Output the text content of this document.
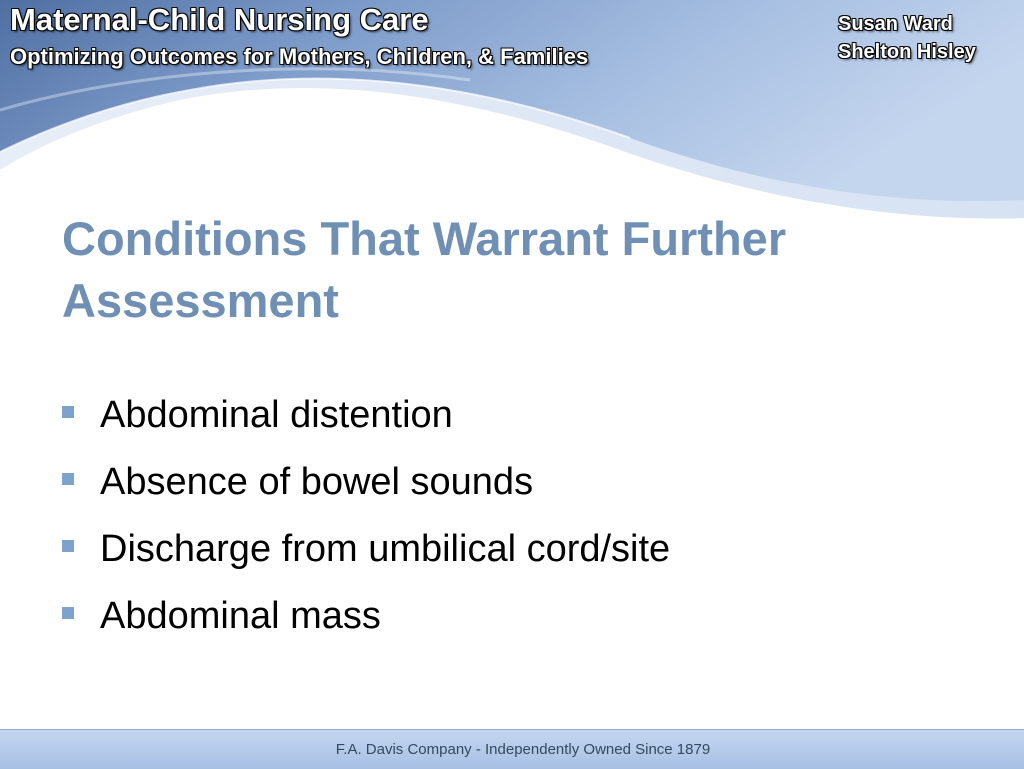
Maternal-Child Nursing Care
Optimizing Outcomes for Mothers, Children, & Families
Susan Ward
Shelton Hisley
Conditions That Warrant Further Assessment
Abdominal distention
Absence of bowel sounds
Discharge from umbilical cord/site
Abdominal mass
F.A. Davis Company - Independently Owned Since 1879
